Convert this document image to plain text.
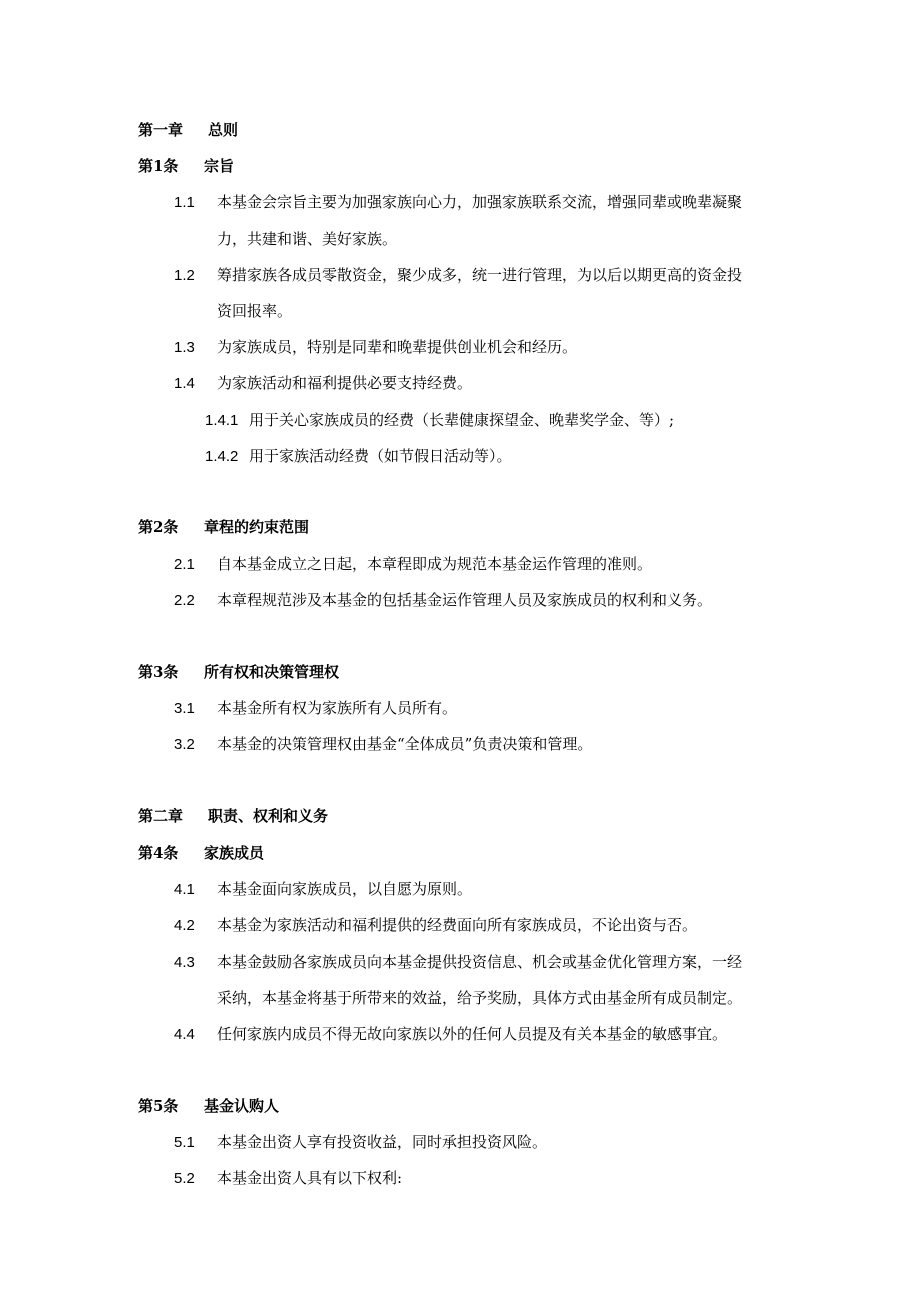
第一章 总则
第1条 宗旨
1.1 本基金会宗旨主要为加强家族向心力，加强家族联系交流，增强同辈或晚辈凝聚
力，共建和谐、美好家族。
1.2 筹措家族各成员零散资金，聚少成多，统一进行管理，为以后以期更高的资金投
资回报率。
1.3 为家族成员，特别是同辈和晚辈提供创业机会和经历。
1.4 为家族活动和福利提供必要支持经费。
1.4.1 用于关心家族成员的经费（长辈健康探望金、晚辈奖学金、等）;
1.4.2 用于家族活动经费（如节假日活动等）。
第2条 章程的约束范围
2.1 自本基金成立之日起，本章程即成为规范本基金运作管理的准则。
2.2 本章程规范涉及本基金的包括基金运作管理人员及家族成员的权利和义务。
第3条 所有权和决策管理权
3.1 本基金所有权为家族所有人员所有。
3.2 本基金的决策管理权由基金“全体成员”负责决策和管理。
第二章 职责、权利和义务
第4条 家族成员
4.1 本基金面向家族成员，以自愿为原则。
4.2 本基金为家族活动和福利提供的经费面向所有家族成员，不论出资与否。
4.3 本基金鼓励各家族成员向本基金提供投资信息、机会或基金优化管理方案，一经
采纳，本基金将基于所带来的效益，给予奖励，具体方式由基金所有成员制定。
4.4 任何家族内成员不得无故向家族以外的任何人员提及有关本基金的敏感事宜。
第5条 基金认购人
5.1 本基金出资人享有投资收益，同时承担投资风险。
5.2 本基金出资人具有以下权利:
